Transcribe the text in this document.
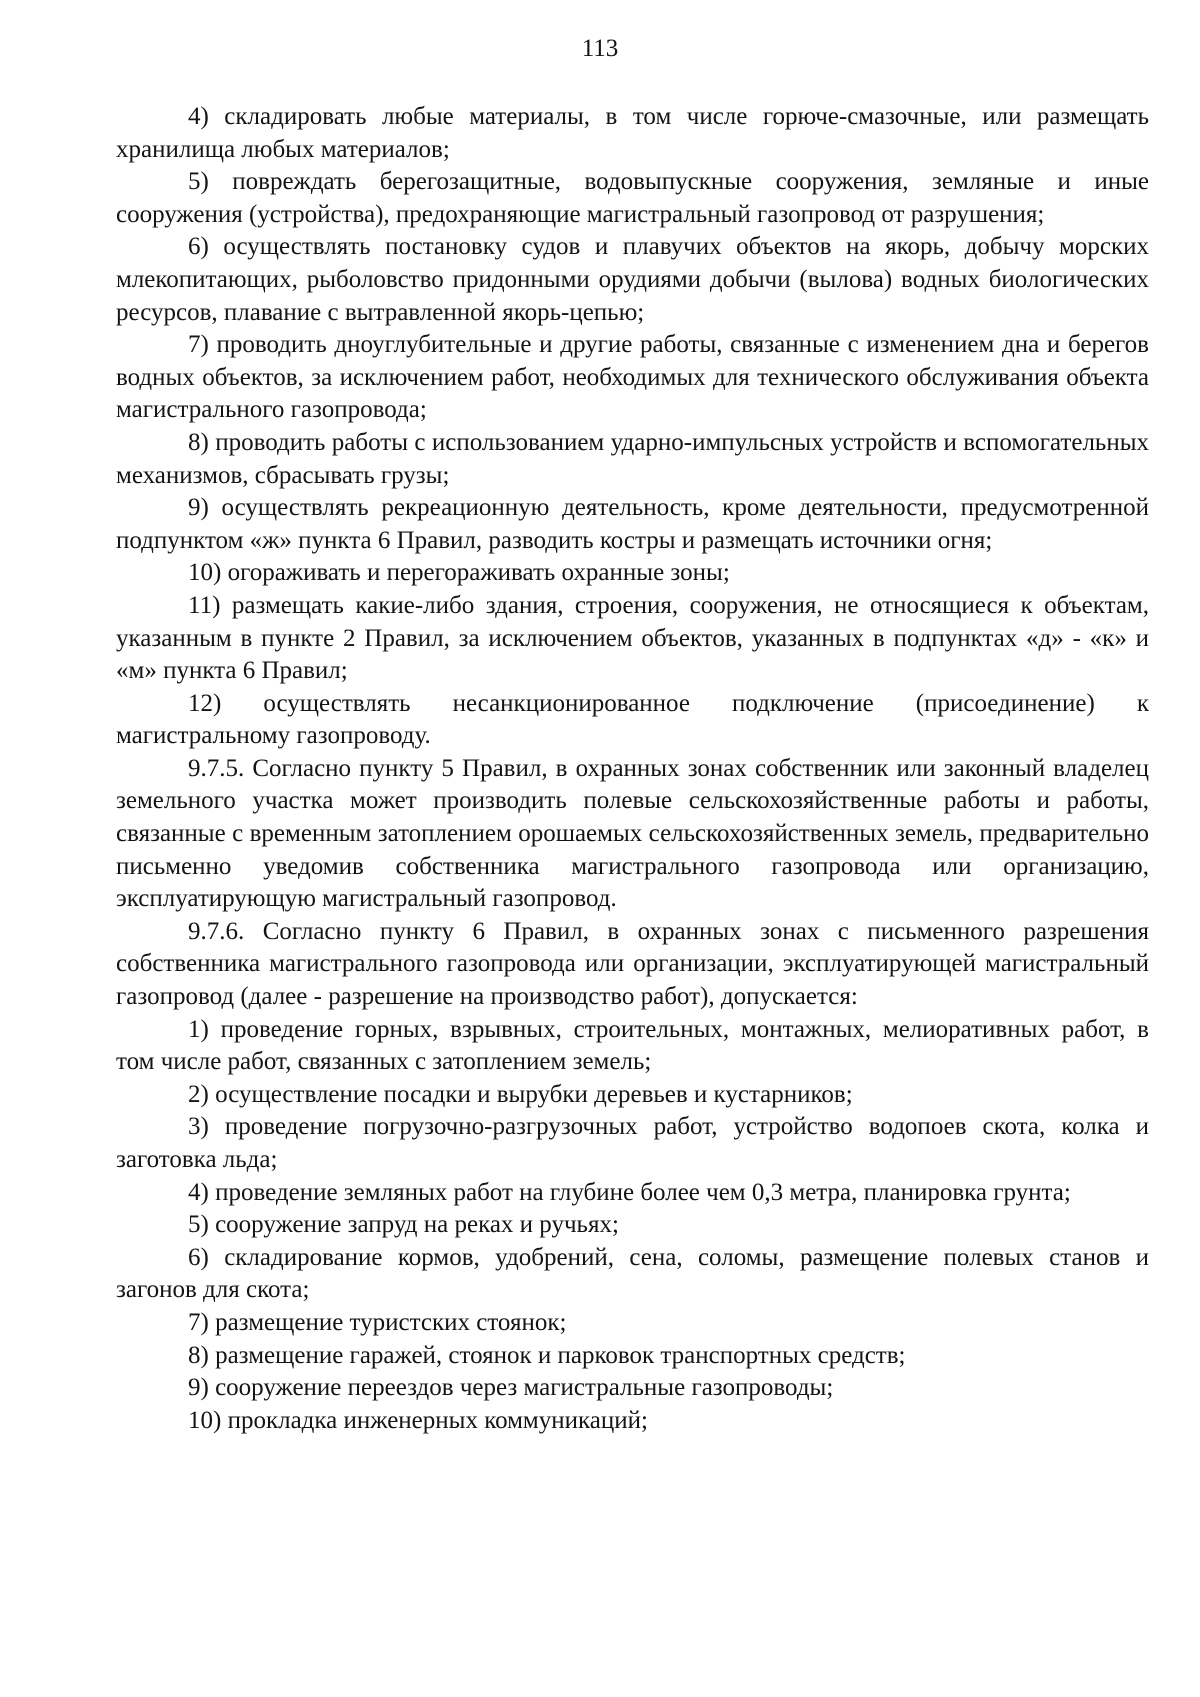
113

4) складировать любые материалы, в том числе горюче-смазочные, или размещать хранилища любых материалов;

5) повреждать берегозащитные, водовыпускные сооружения, земляные и иные сооружения (устройства), предохраняющие магистральный газопровод от разрушения;

6) осуществлять постановку судов и плавучих объектов на якорь, добычу морских млекопитающих, рыболовство придонными орудиями добычи (вылова) водных биологических ресурсов, плавание с вытравленной якорь-цепью;

7) проводить дноуглубительные и другие работы, связанные с изменением дна и берегов водных объектов, за исключением работ, необходимых для технического обслуживания объекта магистрального газопровода;

8) проводить работы с использованием ударно-импульсных устройств и вспомогательных механизмов, сбрасывать грузы;

9) осуществлять рекреационную деятельность, кроме деятельности, предусмотренной подпунктом «ж» пункта 6 Правил, разводить костры и размещать источники огня;

10) огораживать и перегораживать охранные зоны;

11) размещать какие-либо здания, строения, сооружения, не относящиеся к объектам, указанным в пункте 2 Правил, за исключением объектов, указанных в подпунктах «д» - «к» и «м» пункта 6 Правил;

12) осуществлять несанкционированное подключение (присоединение) к магистральному газопроводу.

9.7.5. Согласно пункту 5 Правил, в охранных зонах собственник или законный владелец земельного участка может производить полевые сельскохозяйственные работы и работы, связанные с временным затоплением орошаемых сельскохозяйственных земель, предварительно письменно уведомив собственника магистрального газопровода или организацию, эксплуатирующую магистральный газопровод.

9.7.6. Согласно пункту 6 Правил, в охранных зонах с письменного разрешения собственника магистрального газопровода или организации, эксплуатирующей магистральный газопровод (далее - разрешение на производство работ), допускается:

1) проведение горных, взрывных, строительных, монтажных, мелиоративных работ, в том числе работ, связанных с затоплением земель;

2) осуществление посадки и вырубки деревьев и кустарников;

3) проведение погрузочно-разгрузочных работ, устройство водопоев скота, колка и заготовка льда;

4) проведение земляных работ на глубине более чем 0,3 метра, планировка грунта;

5) сооружение запруд на реках и ручьях;

6) складирование кормов, удобрений, сена, соломы, размещение полевых станов и загонов для скота;

7) размещение туристских стоянок;

8) размещение гаражей, стоянок и парковок транспортных средств;

9) сооружение переездов через магистральные газопроводы;

10) прокладка инженерных коммуникаций;
